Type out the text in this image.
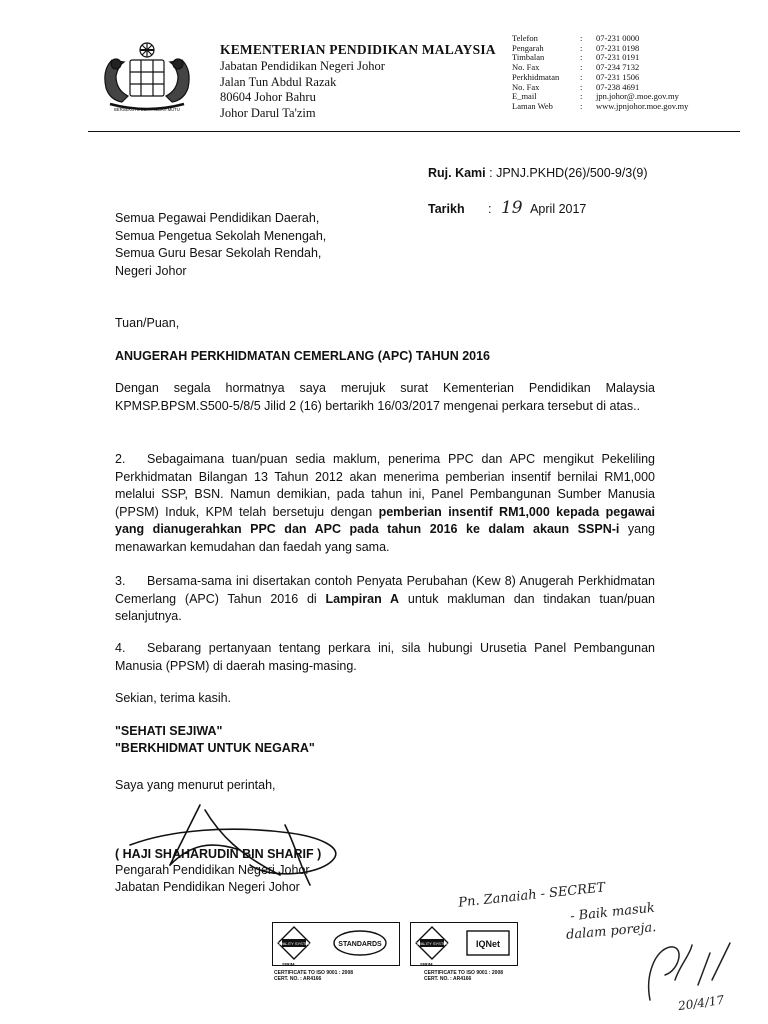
BERSEKUTU BERTAMBAH MUTU
KEMENTERIAN PENDIDIKAN MALAYSIA
Jabatan Pendidikan Negeri Johor
Jalan Tun Abdul Razak
80604 Johor Bahru
Johor Darul Ta'zim
Telefon	:	07-231 0000
Pengarah	:	07-231 0198
Timbalan	:	07-231 0191
No. Fax	:	07-234 7132
Perkhidmatan	:	07-231 1506
No. Fax	:	07-238 4691
E_mail	:	jpn.johor@.moe.gov.my
Laman Web	:	www.jpnjohor.moe.gov.my
Ruj. Kami : JPNJ.PKHD(26)/500-9/3(9)
Tarikh : 19 April 2017
Semua Pegawai Pendidikan Daerah,
Semua Pengetua Sekolah Menengah,
Semua Guru Besar Sekolah Rendah,
Negeri Johor
Tuan/Puan,
ANUGERAH PERKHIDMATAN CEMERLANG (APC) TAHUN 2016

Dengan segala hormatnya saya merujuk surat Kementerian Pendidikan Malaysia KPMSP.BPSM.S500-5/8/5 Jilid 2 (16) bertarikh 16/03/2017 mengenai perkara tersebut di atas..

2. Sebagaimana tuan/puan sedia maklum, penerima PPC dan APC mengikut Pekeliling Perkhidmatan Bilangan 13 Tahun 2012 akan menerima pemberian insentif bernilai RM1,000 melalui SSP, BSN. Namun demikian, pada tahun ini, Panel Pembangunan Sumber Manusia (PPSM) Induk, KPM telah bersetuju dengan pemberian insentif RM1,000 kepada pegawai yang dianugerahkan PPC dan APC pada tahun 2016 ke dalam akaun SSPN-i yang menawarkan kemudahan dan faedah yang sama.

3. Bersama-sama ini disertakan contoh Penyata Perubahan (Kew 8) Anugerah Perkhidmatan Cemerlang (APC) Tahun 2016 di Lampiran A untuk makluman dan tindakan tuan/puan selanjutnya.

4. Sebarang pertanyaan tentang perkara ini, sila hubungi Urusetia Panel Pembangunan Manusia (PPSM) di daerah masing-masing.

Sekian, terima kasih.
"SEHATI SEJIWA"
"BERKHIDMAT UNTUK NEGARA"
Saya yang menurut perintah,
( HAJI SHAHARUDIN BIN SHARIF )
Pengarah Pendidikan Negeri Johor
Jabatan Pendidikan Negeri Johor
QUALITY SYSTEM	STANDARDS
SIRIM
CERTIFICATE TO ISO 9001 : 2008
CERT. NO. : AR4166
QUALITY SYSTEM	IQNet
SIRIM
CERTIFICATE TO ISO 9001 : 2008
CERT. NO. : AR4166
Pn. Zanaiah - SECRET
- Baik masuk
dalam poreja.
20/4/17
